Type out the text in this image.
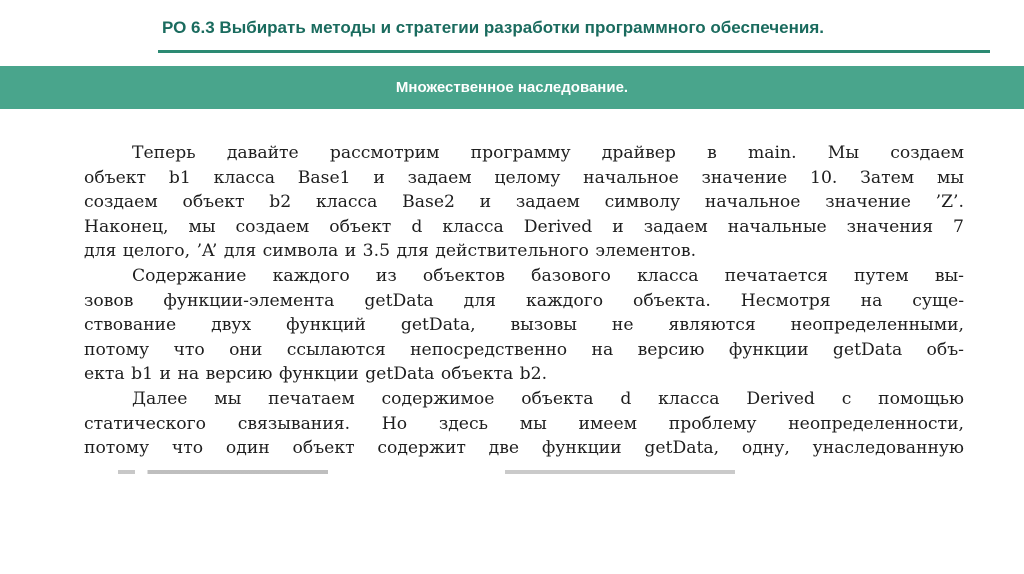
РО 6.3 Выбирать методы и стратегии разработки программного обеспечения.
Множественное наследование.

Теперь давайте рассмотрим программу драйвер в main. Мы создаем

объект b1 класса Base1 и задаем целому начальное значение 10. Затем мы

создаем объект b2 класса Base2 и задаем символу начальное значение ’Z’.

Наконец, мы создаем объект d класса Derived и задаем начальные значения 7

для целого, ’A’ для символа и 3.5 для действительного элементов.

Содержание каждого из объектов базового класса печатается путем вы-

зовов функции-элемента getData для каждого объекта. Несмотря на суще-

ствование двух функций getData, вызовы не являются неопределенными,

потому что они ссылаются непосредственно на версию функции getData объ-

екта b1 и на версию функции getData объекта b2.

Далее мы печатаем содержимое объекта d класса Derived с помощью

статического связывания. Но здесь мы имеем проблему неопределенности,

потому что один объект содержит две функции getData, одну, унаследованную
